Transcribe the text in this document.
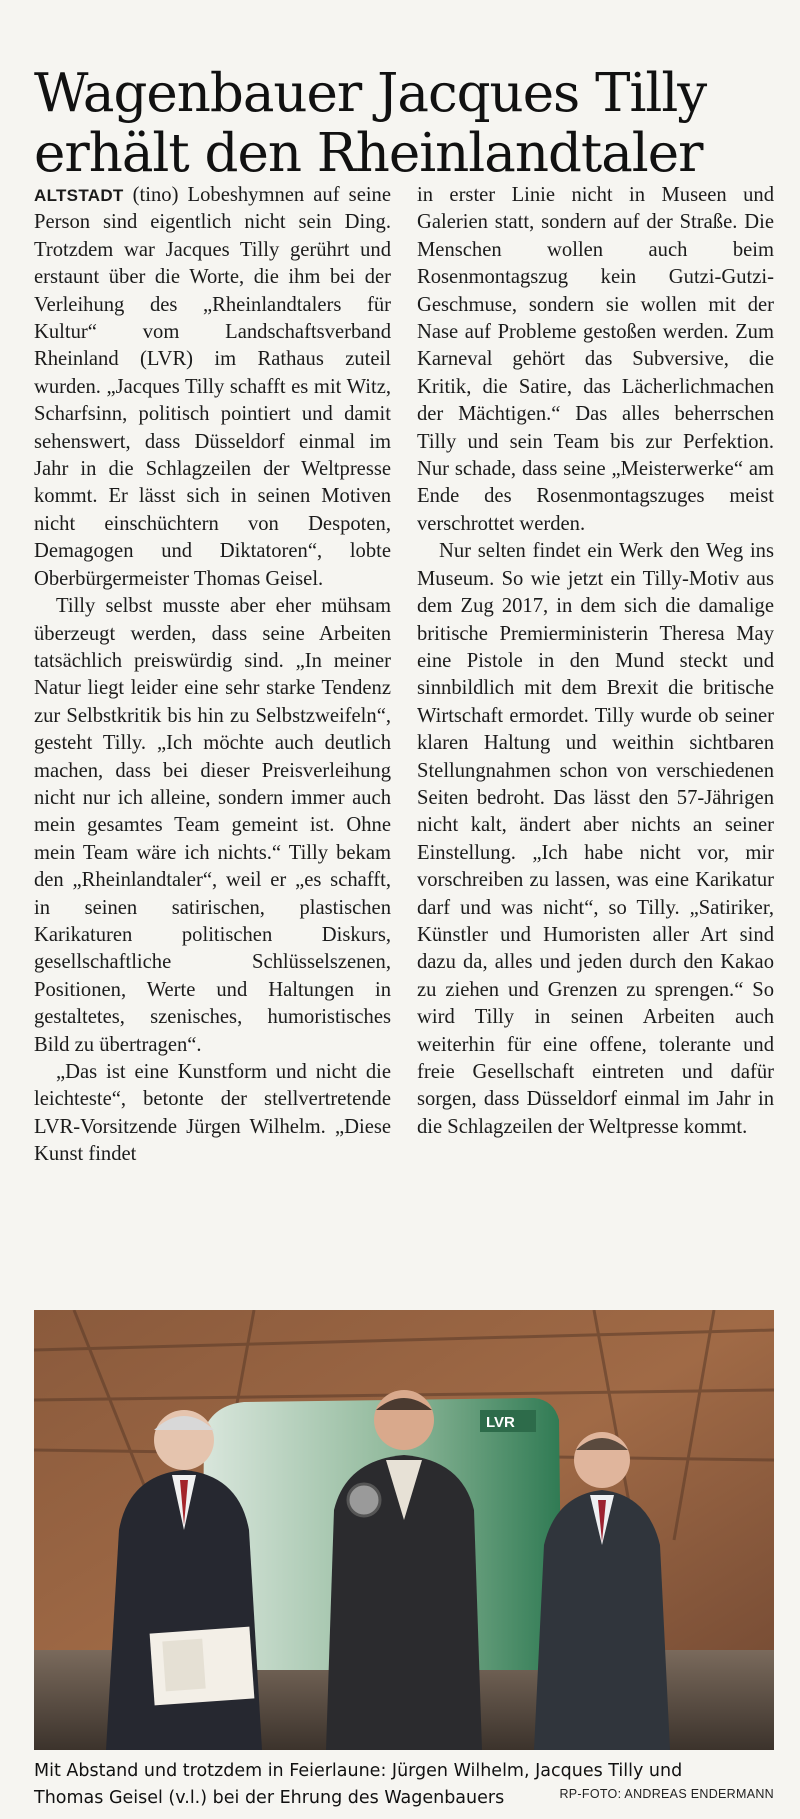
Wagenbauer Jacques Tilly
erhält den Rheinlandtaler

ALTSTADT (tino) Lobeshymnen auf seine Person sind eigentlich nicht sein Ding. Trotzdem war Jacques Tilly gerührt und erstaunt über die Worte, die ihm bei der Verleihung des „Rheinlandtalers für Kultur“ vom Landschaftsverband Rheinland (LVR) im Rathaus zuteil wurden. „Jacques Tilly schafft es mit Witz, Scharfsinn, politisch pointiert und damit sehenswert, dass Düsseldorf einmal im Jahr in die Schlagzeilen der Weltpresse kommt. Er lässt sich in seinen Motiven nicht einschüchtern von Despoten, Demagogen und Diktatoren“, lobte Oberbürgermeister Thomas Geisel.

Tilly selbst musste aber eher mühsam überzeugt werden, dass seine Arbeiten tatsächlich preiswürdig sind. „In meiner Natur liegt leider eine sehr starke Tendenz zur Selbstkritik bis hin zu Selbstzweifeln“, gesteht Tilly. „Ich möchte auch deutlich machen, dass bei dieser Preisverleihung nicht nur ich alleine, sondern immer auch mein gesamtes Team gemeint ist. Ohne mein Team wäre ich nichts.“ Tilly bekam den „Rheinlandtaler“, weil er „es schafft, in seinen satirischen, plastischen Karikaturen politischen Diskurs, gesellschaftliche Schlüsselszenen, Positionen, Werte und Haltungen in gestaltetes, szenisches, humoristisches Bild zu übertragen“.

„Das ist eine Kunstform und nicht die leichteste“, betonte der stellvertretende LVR-Vorsitzende Jürgen Wilhelm. „Diese Kunst findet

in erster Linie nicht in Museen und Galerien statt, sondern auf der Straße. Die Menschen wollen auch beim Rosenmontagszug kein Gutzi-Gutzi-Geschmuse, sondern sie wollen mit der Nase auf Probleme gestoßen werden. Zum Karneval gehört das Subversive, die Kritik, die Satire, das Lächerlichmachen der Mächtigen.“ Das alles beherrschen Tilly und sein Team bis zur Perfektion. Nur schade, dass seine „Meisterwerke“ am Ende des Rosenmontagszuges meist verschrottet werden.

Nur selten findet ein Werk den Weg ins Museum. So wie jetzt ein Tilly-Motiv aus dem Zug 2017, in dem sich die damalige britische Premierministerin Theresa May eine Pistole in den Mund steckt und sinnbildlich mit dem Brexit die britische Wirtschaft ermordet. Tilly wurde ob seiner klaren Haltung und weithin sichtbaren Stellungnahmen schon von verschiedenen Seiten bedroht. Das lässt den 57-Jährigen nicht kalt, ändert aber nichts an seiner Einstellung. „Ich habe nicht vor, mir vorschreiben zu lassen, was eine Karikatur darf und was nicht“, so Tilly. „Satiriker, Künstler und Humoristen aller Art sind dazu da, alles und jeden durch den Kakao zu ziehen und Grenzen zu sprengen.“ So wird Tilly in seinen Arbeiten auch weiterhin für eine offene, tolerante und freie Gesellschaft eintreten und dafür sorgen, dass Düsseldorf einmal im Jahr in die Schlagzeilen der Weltpresse kommt.

LVR
Mit Abstand und trotzdem in Feierlaune: Jürgen Wilhelm, Jacques Tilly und
Thomas Geisel (v.l.) bei der Ehrung des Wagenbauers	RP-FOTO: ANDREAS ENDERMANN
